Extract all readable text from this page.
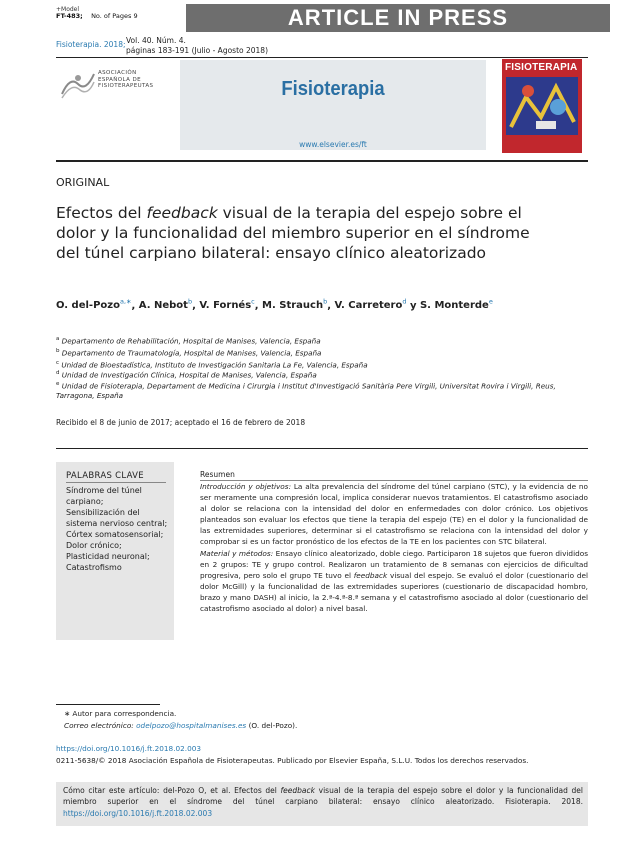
+Model
FT-483; No. of Pages 9	ARTICLE IN PRESS
Fisioterapia. 2018; Vol. 40. Núm. 4.
páginas 183-191 (Julio - Agosto 2018)
ASOCIACIÓN
ESPAÑOLA DE
FISIOTERAPEUTAS	Fisioterapia
www.elsevier.es/ft
FISIOTERAPIA
ORIGINAL
Efectos del feedback visual de la terapia del espejo sobre el dolor y la funcionalidad del miembro superior en el síndrome del túnel carpiano bilateral: ensayo clínico aleatorizado
O. del-Pozo$^{a,∗}$, A. Nebot$^b$, V. Fornés$^c$, M. Strauch$^b$, V. Carretero$^d$ y S. Monterde$^e$
$^a$ Departamento de Rehabilitación, Hospital de Manises, Valencia, España
$^b$ Departamento de Traumatología, Hospital de Manises, Valencia, España
$^c$ Unidad de Bioestadística, Instituto de Investigación Sanitaria La Fe, Valencia, España
$^d$ Unidad de Investigación Clínica, Hospital de Manises, Valencia, España
$^e$ Unidad de Fisioterapia, Departament de Medicina i Cirurgia i Institut d'Investigació Sanitària Pere Virgili, Universitat Rovira i Virgili, Reus, Tarragona, España
Recibido el 8 de junio de 2017; aceptado el 16 de febrero de 2018
PALABRAS CLAVE
Síndrome del túnel carpiano;
Sensibilización del sistema nervioso central;
Córtex somatosensorial;
Dolor crónico;
Plasticidad neuronal;
Catastrofismo
Resumen
Introducción y objetivos: La alta prevalencia del síndrome del túnel carpiano (STC), y la evidencia de no ser meramente una compresión local, implica considerar nuevos tratamientos. El catastrofismo asociado al dolor se relaciona con la intensidad del dolor en enfermedades con dolor crónico. Los objetivos planteados son evaluar los efectos que tiene la terapia del espejo (TE) en el dolor y la funcionalidad de las extremidades superiores, determinar si el catastrofismo se relaciona con la intensidad del dolor y comprobar si es un factor pronóstico de los efectos de la TE en los pacientes con STC bilateral.
Material y métodos: Ensayo clínico aleatorizado, doble ciego. Participaron 18 sujetos que fueron divididos en 2 grupos: TE y grupo control. Realizaron un tratamiento de 8 semanas con ejercicios de dificultad progresiva, pero solo el grupo TE tuvo el feedback visual del espejo. Se evaluó el dolor (cuestionario del dolor McGill) y la funcionalidad de las extremidades superiores (cuestionario de discapacidad hombro, brazo y mano DASH) al inicio, la 2.ª-4.ª-8.ª semana y el catastrofismo asociado al dolor (cuestionario del catastrofismo asociado al dolor) a nivel basal.
∗ Autor para correspondencia.
Correo electrónico: odelpozo@hospitalmanises.es (O. del-Pozo).
https://doi.org/10.1016/j.ft.2018.02.003
0211-5638/© 2018 Asociación Española de Fisioterapeutas. Publicado por Elsevier España, S.L.U. Todos los derechos reservados.
Cómo citar este artículo: del-Pozo O, et al. Efectos del feedback visual de la terapia del espejo sobre el dolor y la funcionalidad del miembro superior en el síndrome del túnel carpiano bilateral: ensayo clínico aleatorizado. Fisioterapia. 2018. https://doi.org/10.1016/j.ft.2018.02.003
